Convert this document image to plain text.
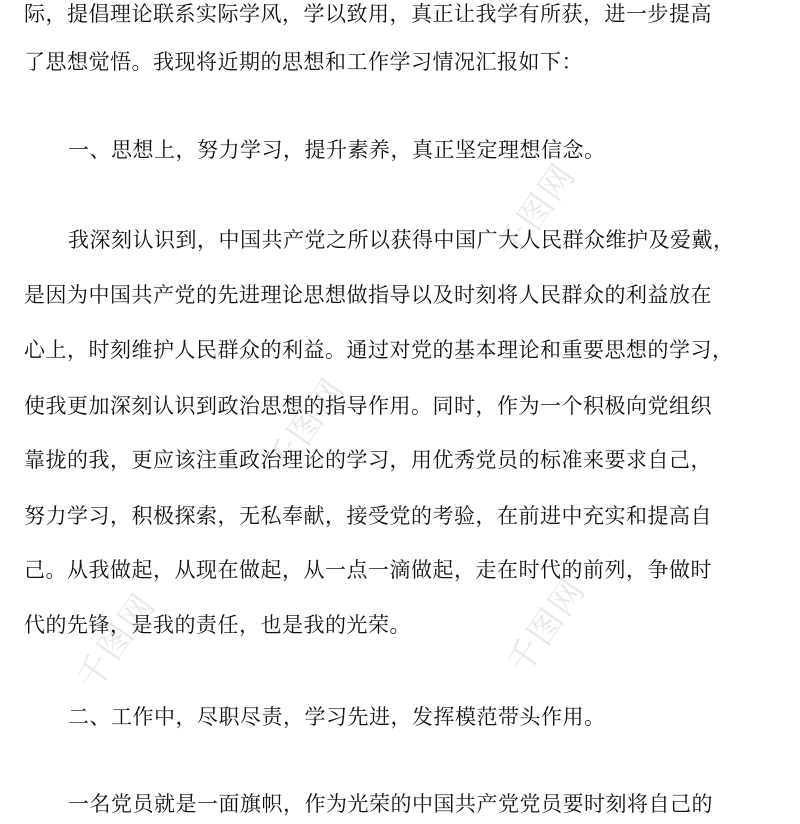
千图网
千图网
千图网
千图网
际，提倡理论联系实际学风，学以致用，真正让我学有所获，进一步提高
了思想觉悟。我现将近期的思想和工作学习情况汇报如下：
一、思想上，努力学习，提升素养，真正坚定理想信念。
我深刻认识到，中国共产党之所以获得中国广大人民群众维护及爱戴，
是因为中国共产党的先进理论思想做指导以及时刻将人民群众的利益放在
心上，时刻维护人民群众的利益。通过对党的基本理论和重要思想的学习，
使我更加深刻认识到政治思想的指导作用。同时，作为一个积极向党组织
靠拢的我，更应该注重政治理论的学习，用优秀党员的标准来要求自己，
努力学习，积极探索，无私奉献，接受党的考验，在前进中充实和提高自
己。从我做起，从现在做起，从一点一滴做起，走在时代的前列，争做时
代的先锋，是我的责任，也是我的光荣。
二、工作中，尽职尽责，学习先进，发挥模范带头作用。
一名党员就是一面旗帜，作为光荣的中国共产党党员要时刻将自己的
